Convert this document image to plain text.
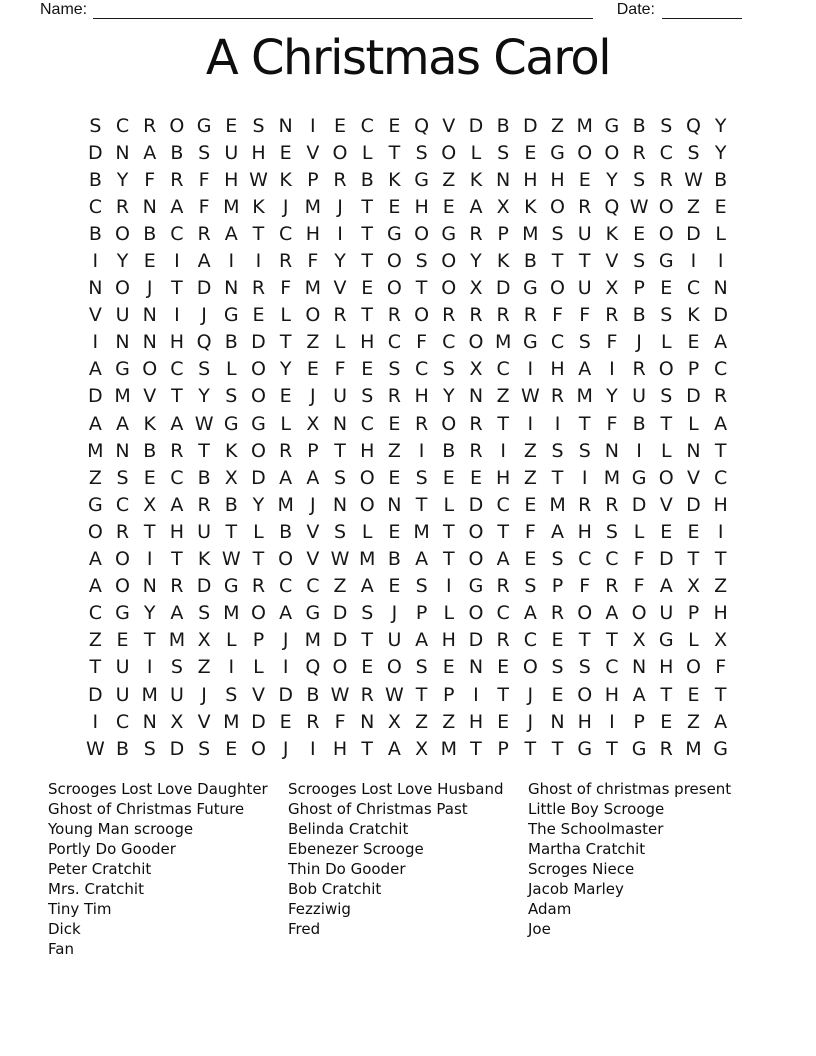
Name:	Date:
A Christmas Carol
S C R O G E S N I E C E Q V D B D Z M G B S Q Y
D N A B S U H E V O L T S O L S E G O O R C S Y
B Y F R F H W K P R B K G Z K N H H E Y S R W B
C R N A F M K J M J T E H E A X K O R Q W O Z E
B O B C R A T C H I T G O G R P M S U K E O D L
I Y E I A I	I R F Y T O S O Y K B T T V S G I	I
N O J T D N R F M V E O T O X D G O U X P E C N
V U N I	J G E L O R T R O R R R R F F R B S K D
I N N H Q B D T Z L H C F C O M G C S F J	L E A
A G O C S L O Y E F E S C S X C I H A I R O P C
D M V T Y S O E J U S R H Y N Z W R M Y U S D R
A A K A W G G L X N C E R O R T I	I T F B T L A
M N B R T K O R P T H Z I B R I Z S S N I	L N T
Z S E C B X D A A S O E S E E H Z T I M G O V C
G C X A R B Y M J N O N T L D C E M R R D V D H
O R T H U T L B V S L E M T O T F A H S L E E I
A O I T K W T O V W M B A T O A E S C C F D T T
A O N R D G R C C Z A E S I G R S P F R F A X Z
C G Y A S M O A G D S J P L O C A R O A O U P H
Z E T M X L P J M D T U A H D R C E T T X G L X
T U I S Z I	L	I Q O E O S E N E O S S C N H O F
D U M U J S V D B W R W T P I T J E O H A T E T
I C N X V M D E R F N X Z Z H E J N H I P E Z A
W B S D S E O J	I H T A X M T P T T G T G R M G
Scrooges Lost Love Daughter
Ghost of Christmas Future
Young Man scrooge
Portly Do Gooder
Peter Cratchit
Mrs. Cratchit
Tiny Tim
Dick
Fan
Scrooges Lost Love Husband
Ghost of Christmas Past
Belinda Cratchit
Ebenezer Scrooge
Thin Do Gooder
Bob Cratchit
Fezziwig
Fred
Ghost of christmas present
Little Boy Scrooge
The Schoolmaster
Martha Cratchit
Scroges Niece
Jacob Marley
Adam
Joe
